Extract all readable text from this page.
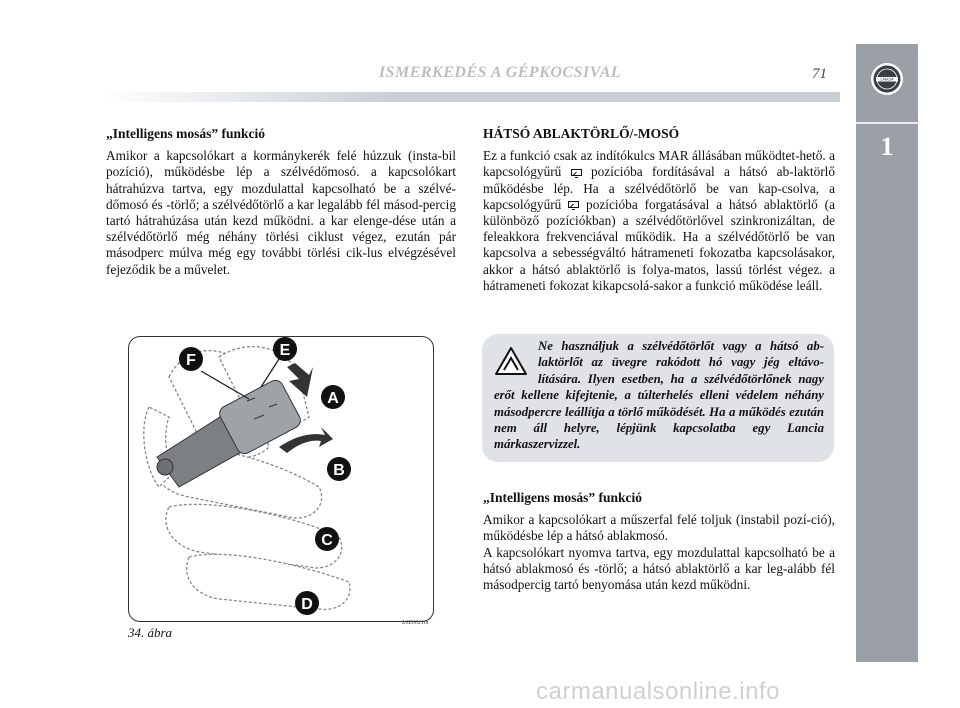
ISMERKEDÉS A GÉPKOCSIVAL	71	LANCIA
1

„Intelligens mosás” funkció

Amikor a kapcsolókart a kormánykerék felé húzzuk (insta-bil pozíció), működésbe lép a szélvédőmosó. a kapcsolókart hátrahúzva tartva, egy mozdulattal kapcsolható be a szélvé-dőmosó és -törlő; a szélvédőtörlő a kar legalább fél másod-percig tartó hátrahúzása után kezd működni. a kar elenge-dése után a szélvédőtörlő még néhány törlési ciklust végez, ezután pár másodperc múlva még egy további törlési cik-lus elvégzésével fejeződik be a művelet.

F
E
A
B
C
D
34. ábra
L0E0021m

HÁTSÓ ABLAKTÖRLŐ/-MOSÓ

Ez a funkció csak az indítókulcs MAR állásában működtet-hető. a kapcsológyűrű pozícióba fordításával a hátsó ab-laktörlő működésbe lép. Ha a szélvédőtörlő be van kap-csolva, a kapcsológyűrű pozícióba forgatásával a hátsó ablaktörlő (a különböző pozíciókban) a szélvédőtörlővel szinkronizáltan, de feleakkora frekvenciával működik. Ha a szélvédőtörlő be van kapcsolva a sebességváltó hátrameneti fokozatba kapcsolásakor, akkor a hátsó ablaktörlő is folya-matos, lassú törlést végez. a hátrameneti fokozat kikapcsolá-sakor a funkció működése leáll.

Ne használjuk a szélvédőtörlőt vagy a hátsó ab-laktörlőt az üvegre rakódott hó vagy jég eltávo-lítására. Ilyen esetben, ha a szélvédőtörlőnek nagy erőt kellene kifejtenie, a túlterhelés elleni védelem néhány másodpercre leállítja a törlő működését. Ha a működés ezután nem áll helyre, lépjünk kapcsolatba egy Lancia márkaszervizzel.

„Intelligens mosás” funkció

Amikor a kapcsolókart a műszerfal felé toljuk (instabil pozí-ció), működésbe lép a hátsó ablakmosó.

A kapcsolókart nyomva tartva, egy mozdulattal kapcsolható be a hátsó ablakmosó és -törlő; a hátsó ablaktörlő a kar leg-alább fél másodpercig tartó benyomása után kezd működni.

carmanualsonline.info
